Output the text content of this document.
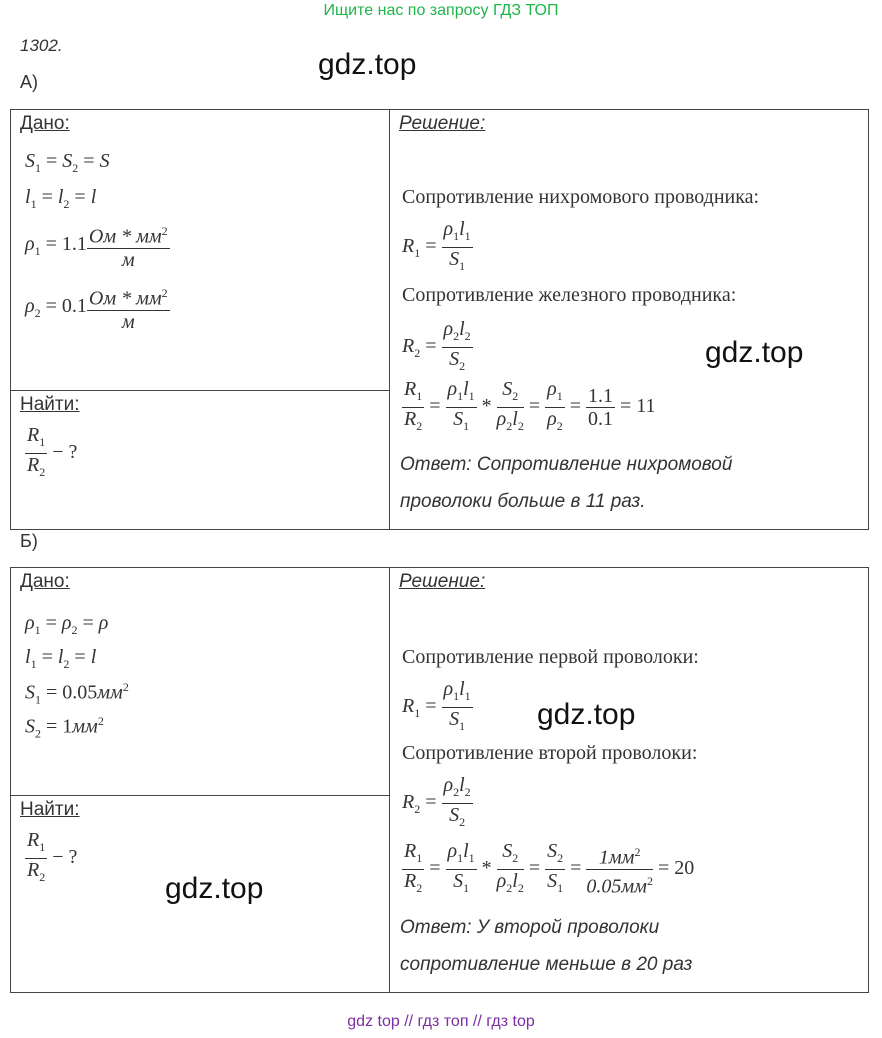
Ищите нас по запросу ГДЗ ТОП
1302.
gdz.top
А)
Дано:
$S_1 = S_2 = S$
$l_1 = l_2 = l$
$\rho_1 = 1.1 \frac{Ом * мм^2}{м}$
$\rho_2 = 0.1 \frac{Ом * мм^2}{м}$

Решение:
Сопротивление нихромового проводника:
$R_1 = \frac{\rho_1l_1}{S_1}$
Сопротивление железного проводника:
$R_2 = \frac{\rho_2l_2}{S_2}$	gdz.top
$\frac{R_1}{R_2} = \frac{\rho_1l_1}{S_1} * \frac{S_2}{\rho_2l_2} = \frac{\rho_1}{\rho_2} = \frac{1.1}{0.1} = 11$
Ответ: Сопротивление нихромовой
проволоки больше в 11 раз.

Найти:
$\frac{R_1}{R_2}$ − ?
Б)
Дано:
$\rho_1 = \rho_2 = \rho$
$l_1 = l_2 = l$
$S_1 = 0.05мм^2$
$S_2 = 1мм^2$

Решение:
Сопротивление первой проволоки:
$R_1 = \frac{\rho_1l_1}{S_1} gdz.top$
Сопротивление второй проволоки:
$R_2 = \frac{\rho_2l_2}{S_2}$
$\frac{R_1}{R_2} = \frac{\rho_1l_1}{S_1} * \frac{S_2}{\rho_2l_2} = \frac{S_2}{S_1} = \frac{1мм^2}{0.05мм^2} = 20$
Ответ: У второй проволоки
сопротивление меньше в 20 раз

Найти:
$\frac{R_1}{R_2}$ − ?
gdz.top
gdz top // гдз топ // гдз top
